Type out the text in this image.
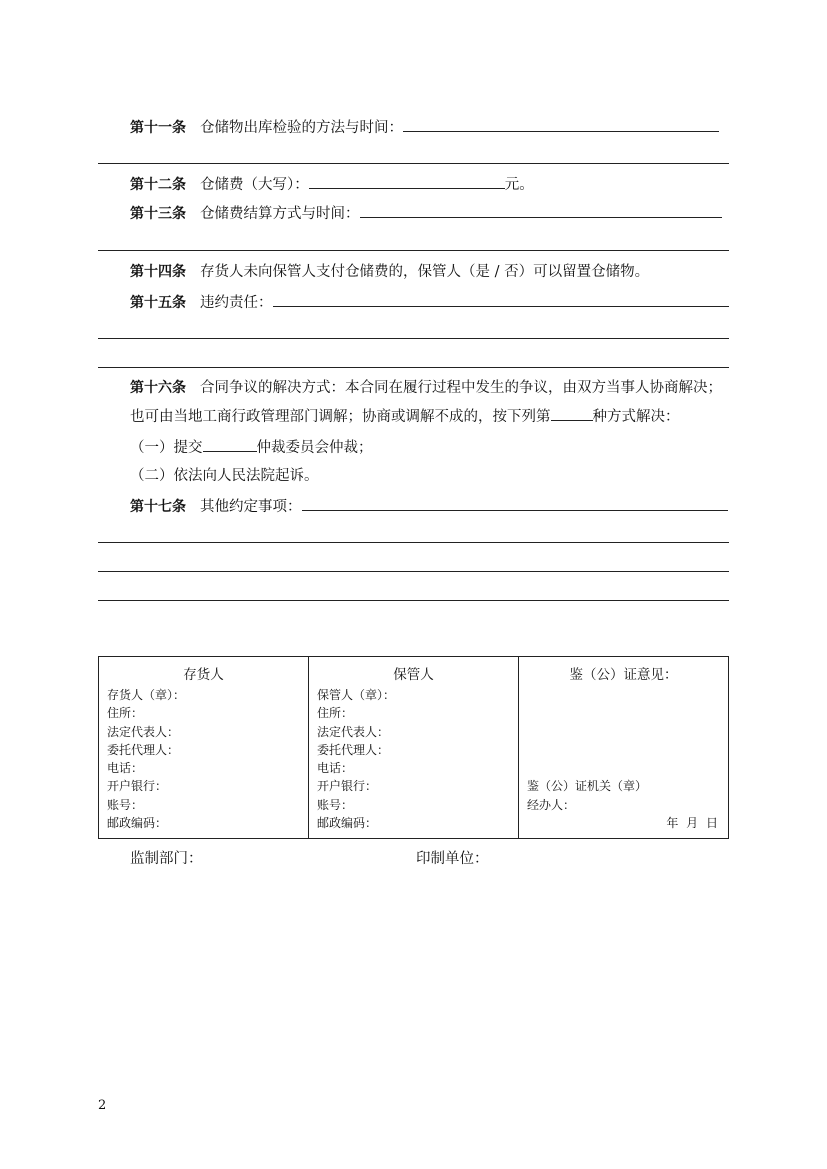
第十一条 仓储物出库检验的方法与时间：
第十二条 仓储费（大写）：	元。
第十三条 仓储费结算方式与时间：
第十四条 存货人未向保管人支付仓储费的，保管人（是 / 否）可以留置仓储物。
第十五条 违约责任：
第十六条 合同争议的解决方式：本合同在履行过程中发生的争议，由双方当事人协商解决；也可由当地工商行政管理部门调解；协商或调解不成的，按下列第	种方式解决：
（一）提交	仲裁委员会仲裁；
（二）依法向人民法院起诉。
第十七条 其他约定事项：
存货人
存货人（章）：
住所：
法定代表人：
委托代理人：
电话：
开户银行：
账号：
邮政编码：

保管人
保管人（章）：
住所：
法定代表人：
委托代理人：
电话：
开户银行：
账号：
邮政编码：

鉴（公）证意见：
鉴（公）证机关（章）
经办人：
年 月 日
监制部门：	印制单位：
2
